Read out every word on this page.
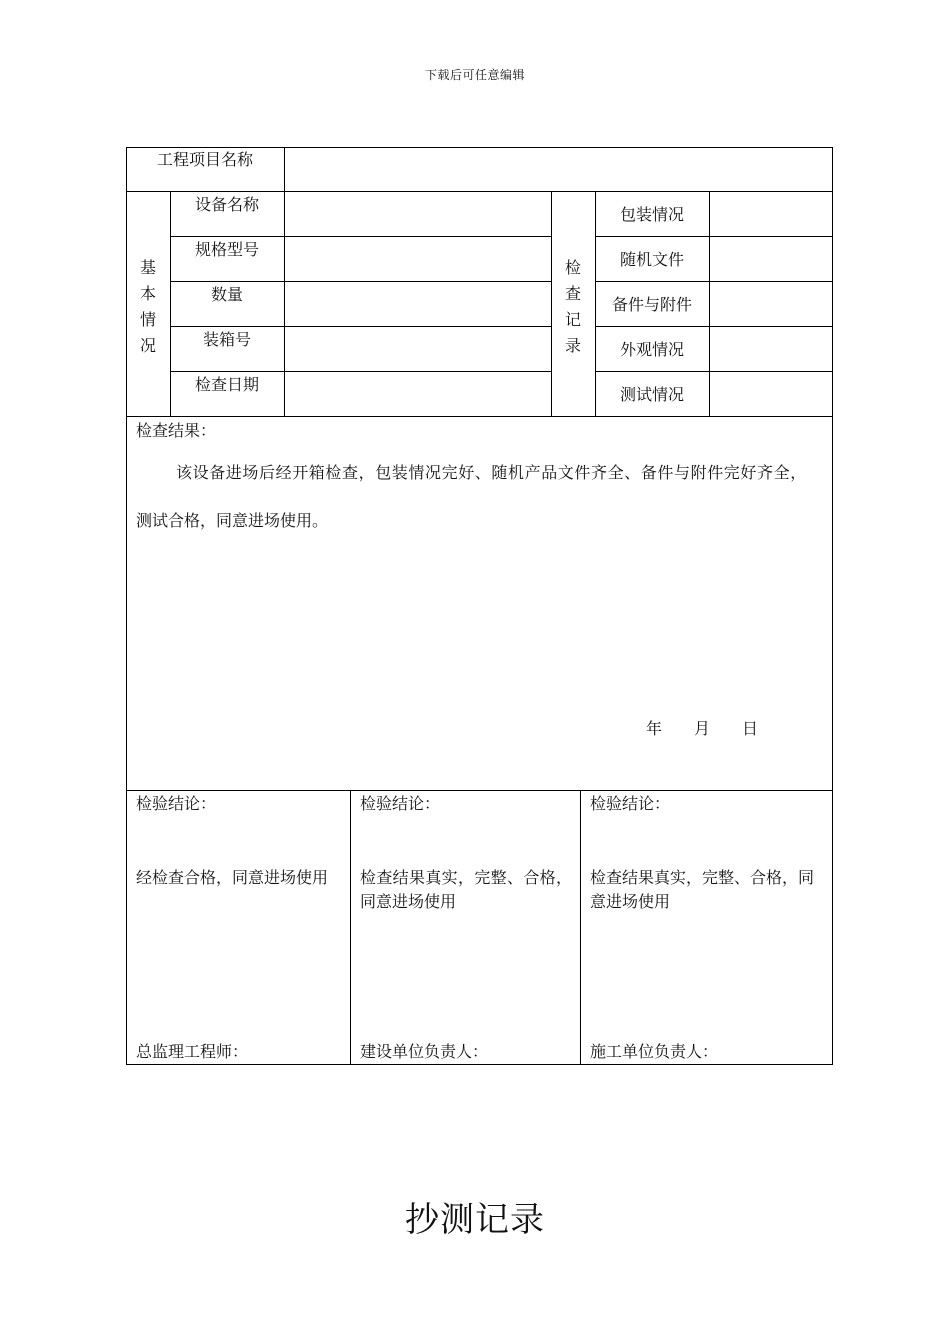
下载后可任意编辑
工程项目名称
基
本
情
况
设备名称
规格型号
数量
装箱号
检查日期
检
查
记
录
包装情况
随机文件
备件与附件
外观情况
测试情况
检查结果：
该设备进场后经开箱检查，包装情况完好、随机产品文件齐全、备件与附件完好齐全，
测试合格，同意进场使用。
年　　月　　日
检验结论：
经检查合格，同意进场使用
总监理工程师：
检验结论：
检查结果真实，完整、合格，同意进场使用
建设单位负责人：
检验结论：
检查结果真实，完整、合格，同意进场使用
施工单位负责人：
抄测记录
